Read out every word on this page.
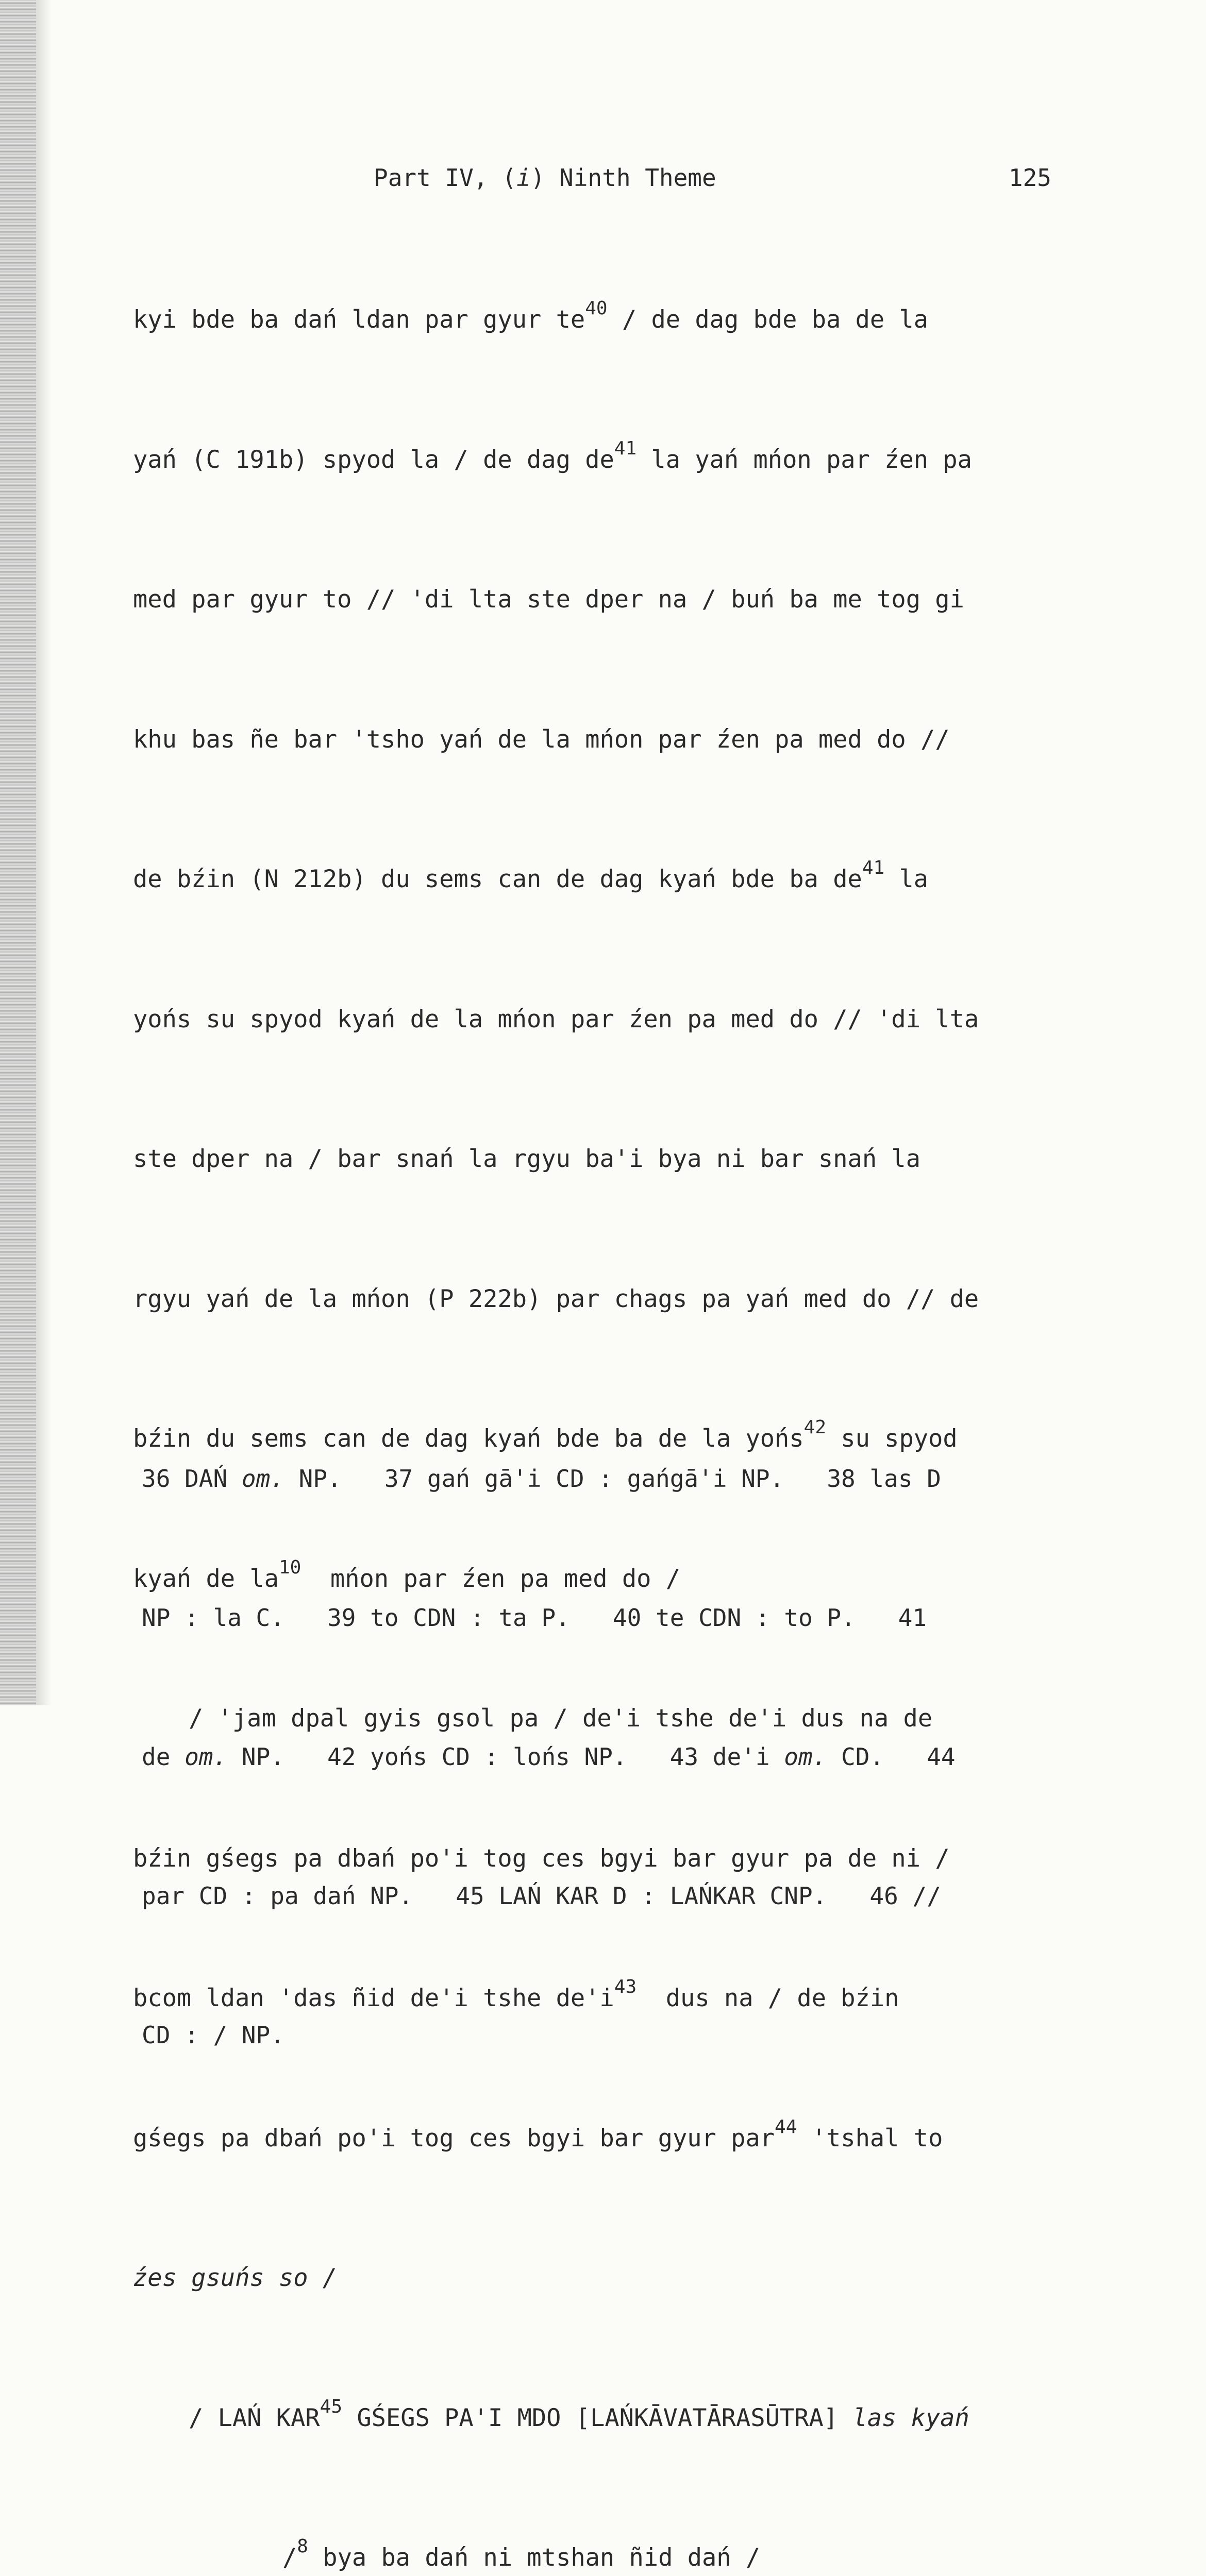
Part IV, (i) Ninth Theme	125

kyi bde ba dań ldan par gyur te$^{40}$ / de dag bde ba de la

yań (C 191b) spyod la / de dag de$^{41}$ la yań mńon par źen pa

med par gyur to // 'di lta ste dper na / buń ba me tog gi

khu bas ñe bar 'tsho yań de la mńon par źen pa med do //

de bźin (N 212b) du sems can de dag kyań bde ba de$^{41}$ la

yońs su spyod kyań de la mńon par źen pa med do // 'di lta

ste dper na / bar snań la rgyu ba'i bya ni bar snań la

rgyu yań de la mńon (P 222b) par chags pa yań med do // de

bźin du sems can de dag kyań bde ba de la yońs$^{42}$ su spyod

kyań de la$^{10}$  mńon par źen pa med do /

/ 'jam dpal gyis gsol pa / de'i tshe de'i dus na de

bźin gśegs pa dbań po'i tog ces bgyi bar gyur pa de ni /

bcom ldan 'das ñid de'i tshe de'i$^{43}$  dus na / de bźin

gśegs pa dbań po'i tog ces bgyi bar gyur par$^{44}$ 'tshal to

źes gsuńs so /

/ LAŃ KAR$^{45}$ GŚEGS PA'I MDO [LAŃKĀVATĀRASŪTRA] las kyań

/$^8$ bya ba dań ni mtshan ñid dań /

36 DAŃ om. NP.   37 gań gā'i CD : gańgā'i NP.   38 las D

NP : la C.   39 to CDN : ta P.   40 te CDN : to P.   41

de om. NP.   42 yońs CD : lońs NP.   43 de'i om. CD.   44

par CD : pa dań NP.   45 LAŃ KAR D : LAŃKAR CNP.   46 //

CD : / NP.
